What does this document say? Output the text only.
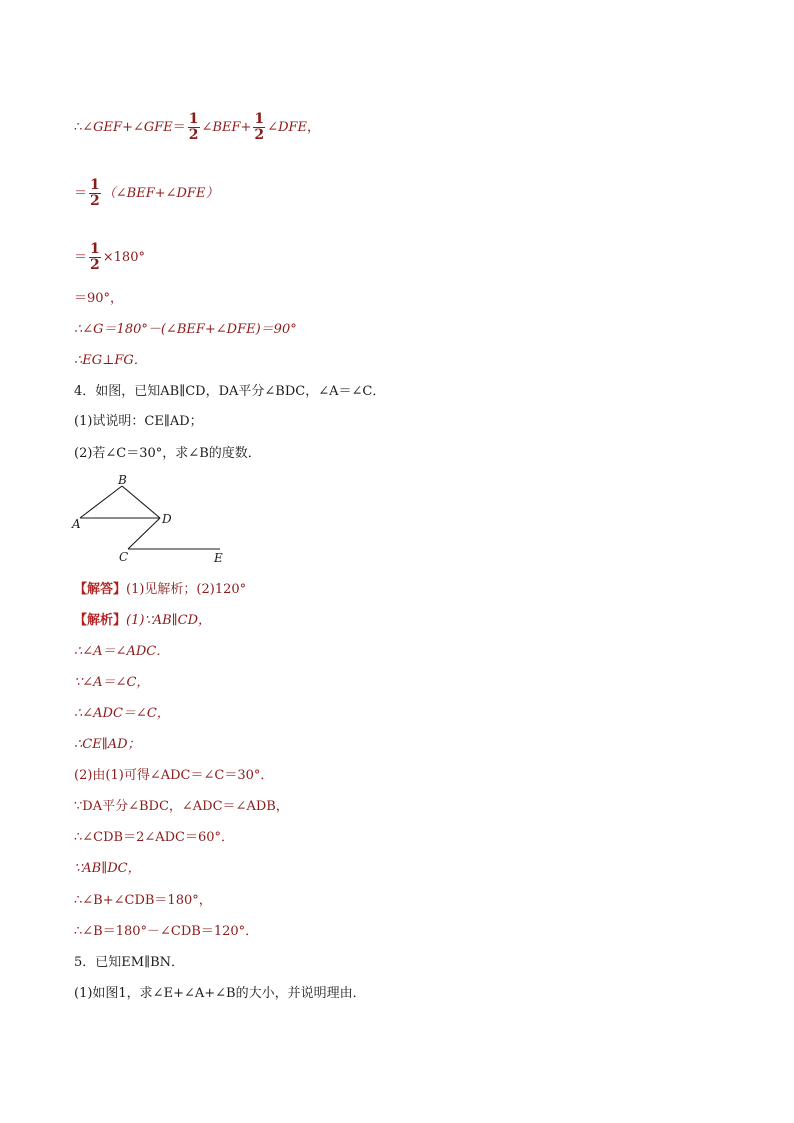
∴∠GEF+∠GFE＝ $\frac{1}{2}$ ∠BEF+ $\frac{1}{2}$ ∠DFE，
＝ $\frac{1}{2}$ （∠BEF+∠DFE）
＝ $\frac{1}{2} \times 180^\circ$
＝90°，
∴∠G＝180°－(∠BEF+∠DFE)＝90°
∴EG⊥FG．
4．如图，已知AB∥CD，DA平分∠BDC，∠A＝∠C．
(1)试说明：CE∥AD；
(2)若∠C＝30°，求∠B的度数．
B
A	D
C	E
【解答】(1)见解析；(2)120°
【解析】(1)∵AB∥CD，
∴∠A＝∠ADC．
∵∠A＝∠C，
∴∠ADC＝∠C，
∴CE∥AD；
(2)由(1)可得∠ADC＝∠C＝30°．
∵DA平分∠BDC，∠ADC＝∠ADB，
∴∠CDB＝2∠ADC＝60°．
∵AB∥DC，
∴∠B+∠CDB＝180°，
∴∠B＝180°－∠CDB＝120°．
5．已知EM∥BN．
(1)如图1，求∠E+∠A+∠B的大小，并说明理由．
